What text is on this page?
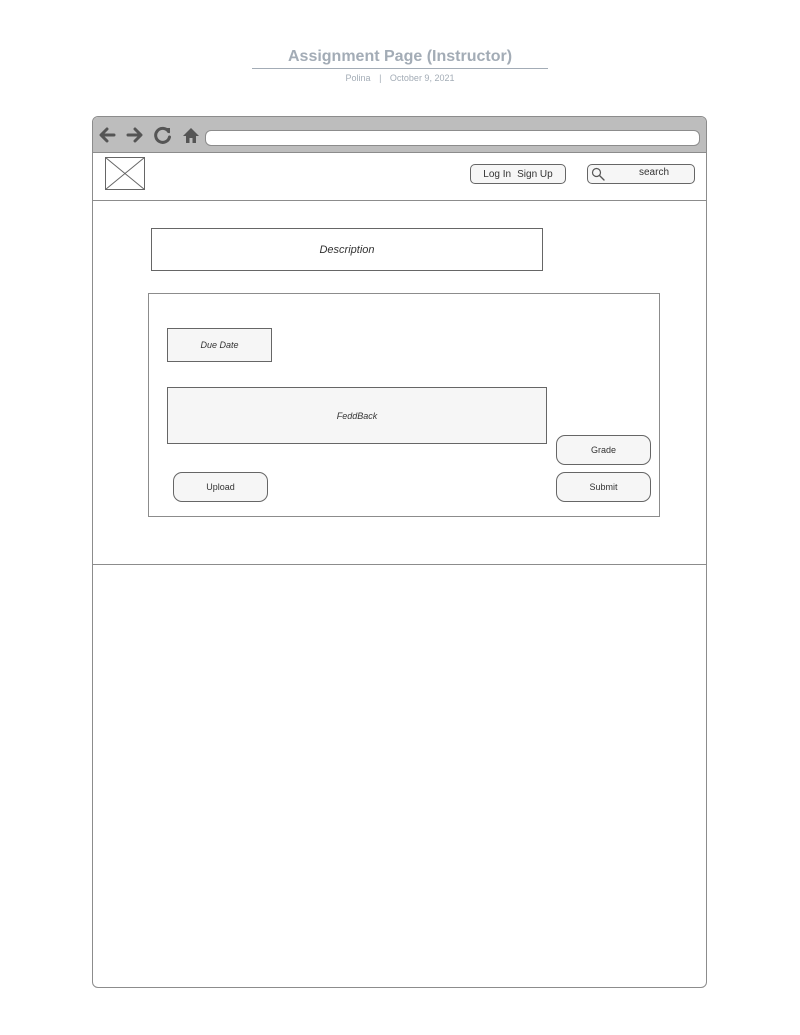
Assignment Page (Instructor)
Polina | October 9, 2021
Log In Sign Up	search
Description
Due Date
FeddBack
Upload
Grade
Submit
